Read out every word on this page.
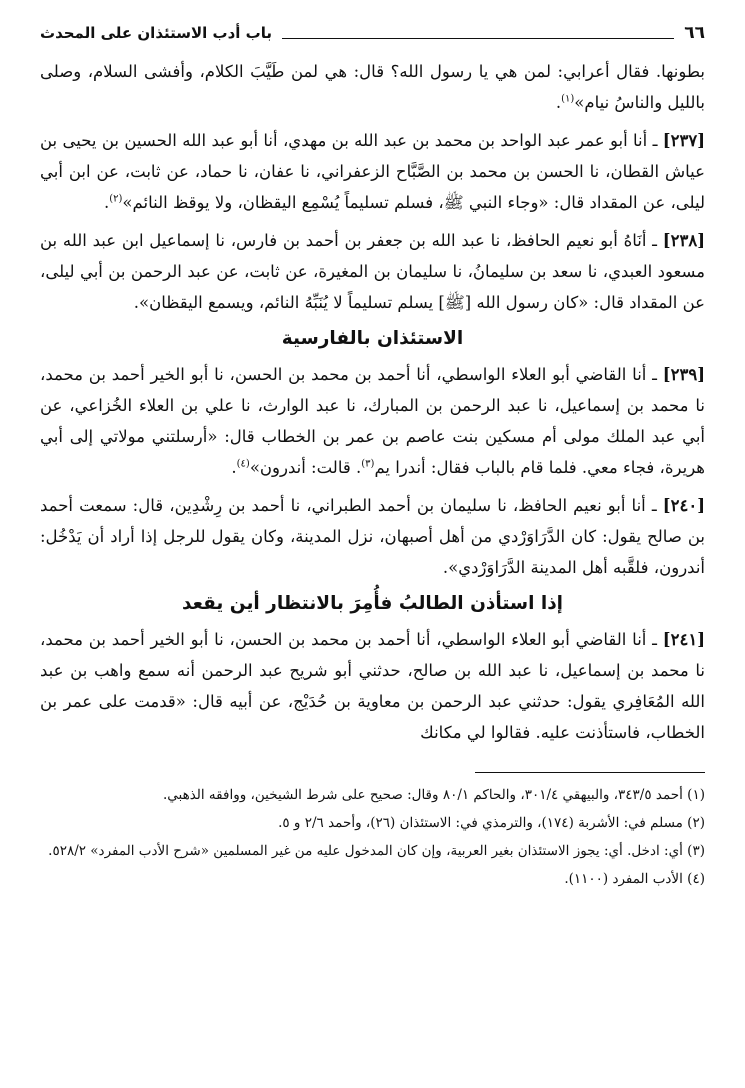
٦٦
باب أدب الاستئذان على المحدث

بطونها. فقال أعرابي: لمن هي يا رسول الله؟ قال: هي لمن طَيَّبَ الكلام، وأفشى السلام، وصلى بالليل والناسُ نيام»$^{(١)}$.

[٢٣٧] ـ أنا أبو عمر عبد الواحد بن محمد بن عبد الله بن مهدي، أنا أبو عبد الله الحسين بن يحيى بن عياش القطان، نا الحسن بن محمد بن الصَّبَّاح الزعفراني، نا عفان، نا حماد، عن ثابت، عن ابن أبي ليلى، عن المقداد قال: «وجاء النبي ﷺ، فسلم تسليماً يُسْمِع اليقظان، ولا يوقظ النائم»$^{(٢)}$.

[٢٣٨] ـ أنَاهُ أبو نعيم الحافظ، نا عبد الله بن جعفر بن أحمد بن فارس، نا إسماعيل ابن عبد الله بن مسعود العبدي، نا سعد بن سليمانُ، نا سليمان بن المغيرة، عن ثابت، عن عبد الرحمن بن أبي ليلى، عن المقداد قال: «كان رسول الله [ﷺ] يسلم تسليماً لا يُنَبِّهُ النائم، ويسمع اليقظان».

الاستئذان بالفارسية

[٢٣٩] ـ أنا القاضي أبو العلاء الواسطي، أنا أحمد بن محمد بن الحسن، نا أبو الخير أحمد بن محمد، نا محمد بن إسماعيل، نا عبد الرحمن بن المبارك، نا عبد الوارث، نا علي بن العلاء الخُزاعي، عن أبي عبد الملك مولى أم مسكين بنت عاصم بن عمر بن الخطاب قال: «أرسلتني مولاتي إلى أبي هريرة، فجاء معي. فلما قام بالباب فقال: أندرا يم$^{(٣)}$. قالت: أندرون»$^{(٤)}$.

[٢٤٠] ـ أنا أبو نعيم الحافظ، نا سليمان بن أحمد الطبراني، نا أحمد بن رِشْدِين، قال: سمعت أحمد بن صالح يقول: كان الدَّرَاوَرْدي من أهل أصبهان، نزل المدينة، وكان يقول للرجل إذا أراد أن يَدْخُل: أندرون، فلقَّبه أهل المدينة الدَّرَاوَرْدي».

إذا استأذن الطالبُ فأُمِرَ بالانتظار أين يقعد

[٢٤١] ـ أنا القاضي أبو العلاء الواسطي، أنا أحمد بن محمد بن الحسن، نا أبو الخير أحمد بن محمد، نا محمد بن إسماعيل، نا عبد الله بن صالح، حدثني أبو شريح عبد الرحمن أنه سمع واهب بن عبد الله المُعَافِري يقول: حدثني عبد الرحمن بن معاوية بن حُدَيْج، عن أبيه قال: «قدمت على عمر بن الخطاب، فاستأذنت عليه. فقالوا لي مكانك

(١) أحمد ٣٤٣/٥، والبيهقي ٣٠١/٤، والحاكم ٨٠/١ وقال: صحيح على شرط الشيخين، ووافقه الذهبي.

(٢) مسلم في: الأشربة (١٧٤)، والترمذي في: الاستئذان (٢٦)، وأحمد ٢/٦ و ٥.

(٣) أي: ادخل. أي: يجوز الاستئذان بغير العربية، وإن كان المدخول عليه من غير المسلمين «شرح الأدب المفرد» ٥٢٨/٢.

(٤) الأدب المفرد (١١٠٠).
